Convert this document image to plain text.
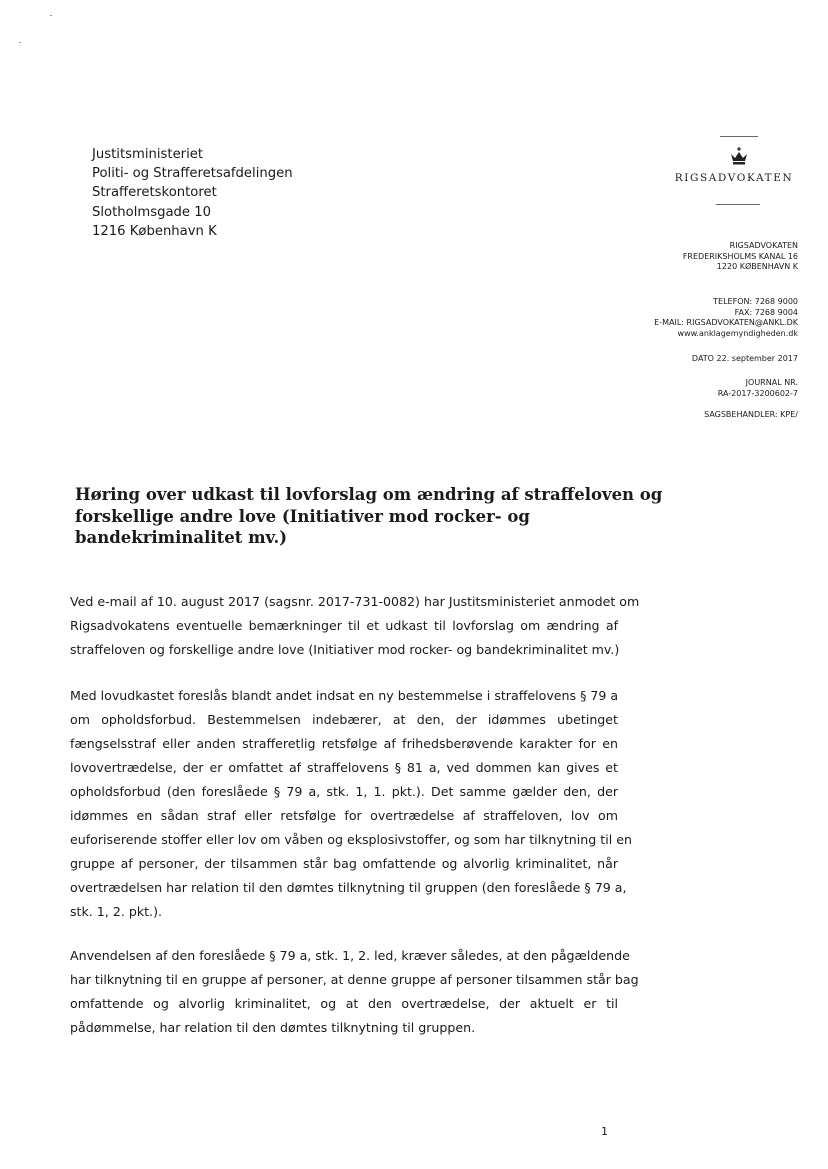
Justitsministeriet
Politi- og Strafferetsafdelingen
Strafferetskontoret
Slotholmsgade 10
1216 København K
RIGSADVOKATEN
RIGSADVOKATEN
FREDERIKSHOLMS KANAL 16
1220 KØBENHAVN K
TELEFON: 7268 9000
FAX: 7268 9004
E-MAIL: RIGSADVOKATEN@ANKL.DK
www.anklagemyndigheden.dk
DATO 22. september 2017
JOURNAL NR.
RA-2017-3200602-7
SAGSBEHANDLER: KPE/
Høring over udkast til lovforslag om ændring af straffeloven og
forskellige andre love (Initiativer mod rocker- og
bandekriminalitet mv.)
Ved e-mail af 10. august 2017 (sagsnr. 2017-731-0082) har Justitsministeriet anmodet om
Rigsadvokatens eventuelle bemærkninger til et udkast til lovforslag om ændring af
straffeloven og forskellige andre love (Initiativer mod rocker- og bandekriminalitet mv.)
Med lovudkastet foreslås blandt andet indsat en ny bestemmelse i straffelovens § 79 a
om opholdsforbud. Bestemmelsen indebærer, at den, der idømmes ubetinget
fængselsstraf eller anden strafferetlig retsfølge af frihedsberøvende karakter for en
lovovertrædelse, der er omfattet af straffelovens § 81 a, ved dommen kan gives et
opholdsforbud (den foreslåede § 79 a, stk. 1, 1. pkt.). Det samme gælder den, der
idømmes en sådan straf eller retsfølge for overtrædelse af straffeloven, lov om
euforiserende stoffer eller lov om våben og eksplosivstoffer, og som har tilknytning til en
gruppe af personer, der tilsammen står bag omfattende og alvorlig kriminalitet, når
overtrædelsen har relation til den dømtes tilknytning til gruppen (den foreslåede § 79 a,
stk. 1, 2. pkt.).
Anvendelsen af den foreslåede § 79 a, stk. 1, 2. led, kræver således, at den pågældende
har tilknytning til en gruppe af personer, at denne gruppe af personer tilsammen står bag
omfattende og alvorlig kriminalitet, og at den overtrædelse, der aktuelt er til
pådømmelse, har relation til den dømtes tilknytning til gruppen.
1
